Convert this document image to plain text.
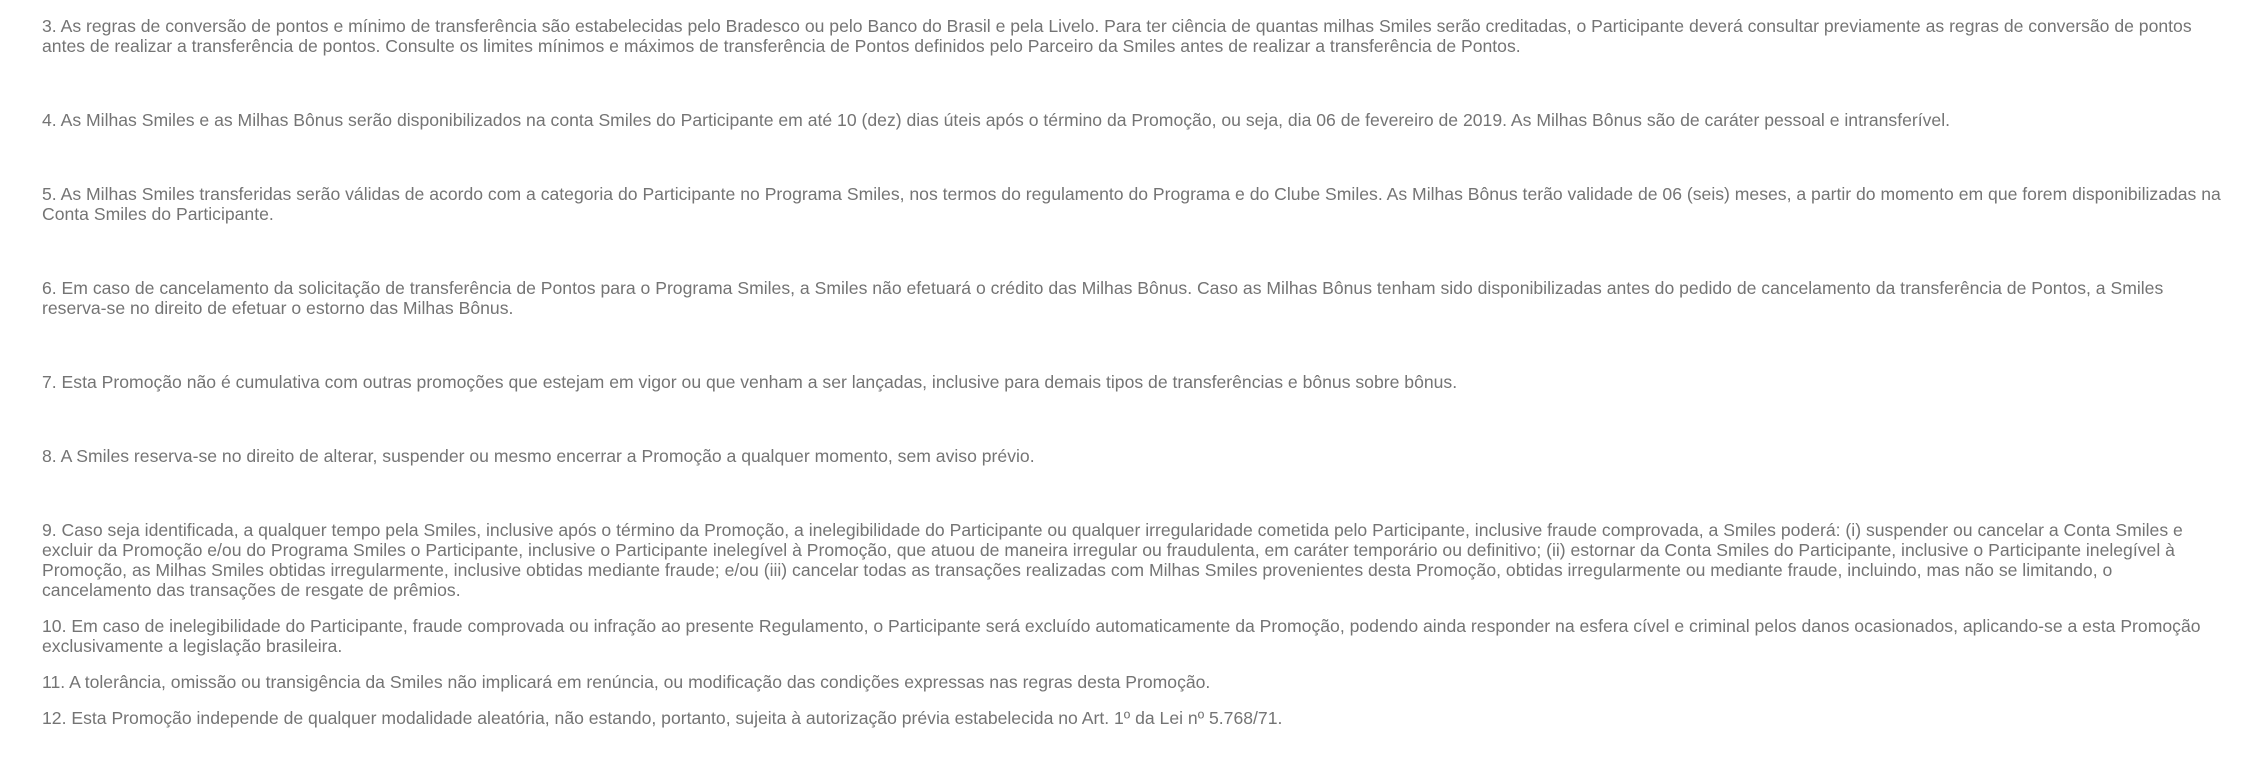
3. As regras de conversão de pontos e mínimo de transferência são estabelecidas pelo Bradesco ou pelo Banco do Brasil e pela Livelo. Para ter ciência de quantas milhas Smiles serão creditadas, o Participante deverá consultar previamente as regras de conversão de pontos antes de realizar a transferência de pontos. Consulte os limites mínimos e máximos de transferência de Pontos definidos pelo Parceiro da Smiles antes de realizar a transferência de Pontos.

4. As Milhas Smiles e as Milhas Bônus serão disponibilizados na conta Smiles do Participante em até 10 (dez) dias úteis após o término da Promoção, ou seja, dia 06 de fevereiro de 2019. As Milhas Bônus são de caráter pessoal e intransferível.

5. As Milhas Smiles transferidas serão válidas de acordo com a categoria do Participante no Programa Smiles, nos termos do regulamento do Programa e do Clube Smiles. As Milhas Bônus terão validade de 06 (seis) meses, a partir do momento em que forem disponibilizadas na Conta Smiles do Participante.

6. Em caso de cancelamento da solicitação de transferência de Pontos para o Programa Smiles, a Smiles não efetuará o crédito das Milhas Bônus. Caso as Milhas Bônus tenham sido disponibilizadas antes do pedido de cancelamento da transferência de Pontos, a Smiles reserva-se no direito de efetuar o estorno das Milhas Bônus.

7. Esta Promoção não é cumulativa com outras promoções que estejam em vigor ou que venham a ser lançadas, inclusive para demais tipos de transferências e bônus sobre bônus.

8. A Smiles reserva-se no direito de alterar, suspender ou mesmo encerrar a Promoção a qualquer momento, sem aviso prévio.

9. Caso seja identificada, a qualquer tempo pela Smiles, inclusive após o término da Promoção, a inelegibilidade do Participante ou qualquer irregularidade cometida pelo Participante, inclusive fraude comprovada, a Smiles poderá: (i) suspender ou cancelar a Conta Smiles e excluir da Promoção e/ou do Programa Smiles o Participante, inclusive o Participante inelegível à Promoção, que atuou de maneira irregular ou fraudulenta, em caráter temporário ou definitivo; (ii) estornar da Conta Smiles do Participante, inclusive o Participante inelegível à Promoção, as Milhas Smiles obtidas irregularmente, inclusive obtidas mediante fraude; e/ou (iii) cancelar todas as transações realizadas com Milhas Smiles provenientes desta Promoção, obtidas irregularmente ou mediante fraude, incluindo, mas não se limitando, o cancelamento das transações de resgate de prêmios.

10. Em caso de inelegibilidade do Participante, fraude comprovada ou infração ao presente Regulamento, o Participante será excluído automaticamente da Promoção, podendo ainda responder na esfera cível e criminal pelos danos ocasionados, aplicando-se a esta Promoção exclusivamente a legislação brasileira.

11. A tolerância, omissão ou transigência da Smiles não implicará em renúncia, ou modificação das condições expressas nas regras desta Promoção.

12. Esta Promoção independe de qualquer modalidade aleatória, não estando, portanto, sujeita à autorização prévia estabelecida no Art. 1º da Lei nº 5.768/71.
